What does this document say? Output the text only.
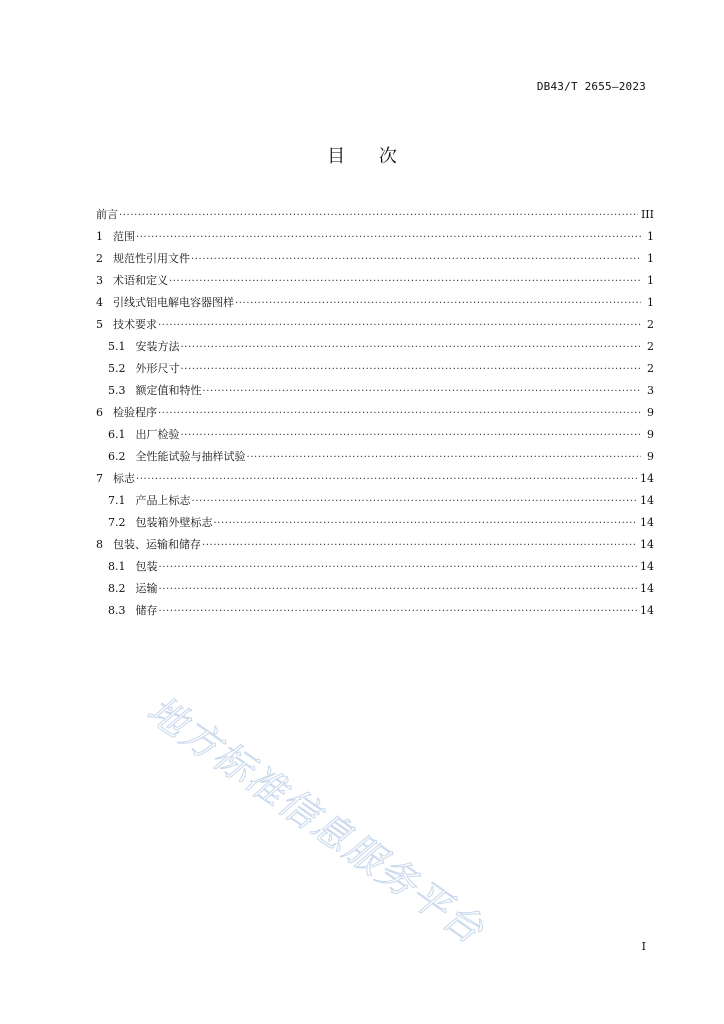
DB43/T 2655—2023
目 次
前言 ·····	III
1 范围 ·····	1
2 规范性引用文件 ·····	1
3 术语和定义 ·····	1
4 引线式铝电解电容器图样 ·····	1
5 技术要求 ·····	2
5.1 安装方法 ·····	2
5.2 外形尺寸 ·····	2
5.3 额定值和特性 ·····	3
6 检验程序 ·····	9
6.1 出厂检验 ·····	9
6.2 全性能试验与抽样试验 ·····	9
7 标志 ·····	14
7.1 产品上标志 ·····	14
7.2 包装箱外壁标志 ·····	14
8 包装、运输和储存 ·····	14
8.1 包装 ·····	14
8.2 运输 ·····	14
8.3 储存 ·····	14
地方标准信息服务平台	I
